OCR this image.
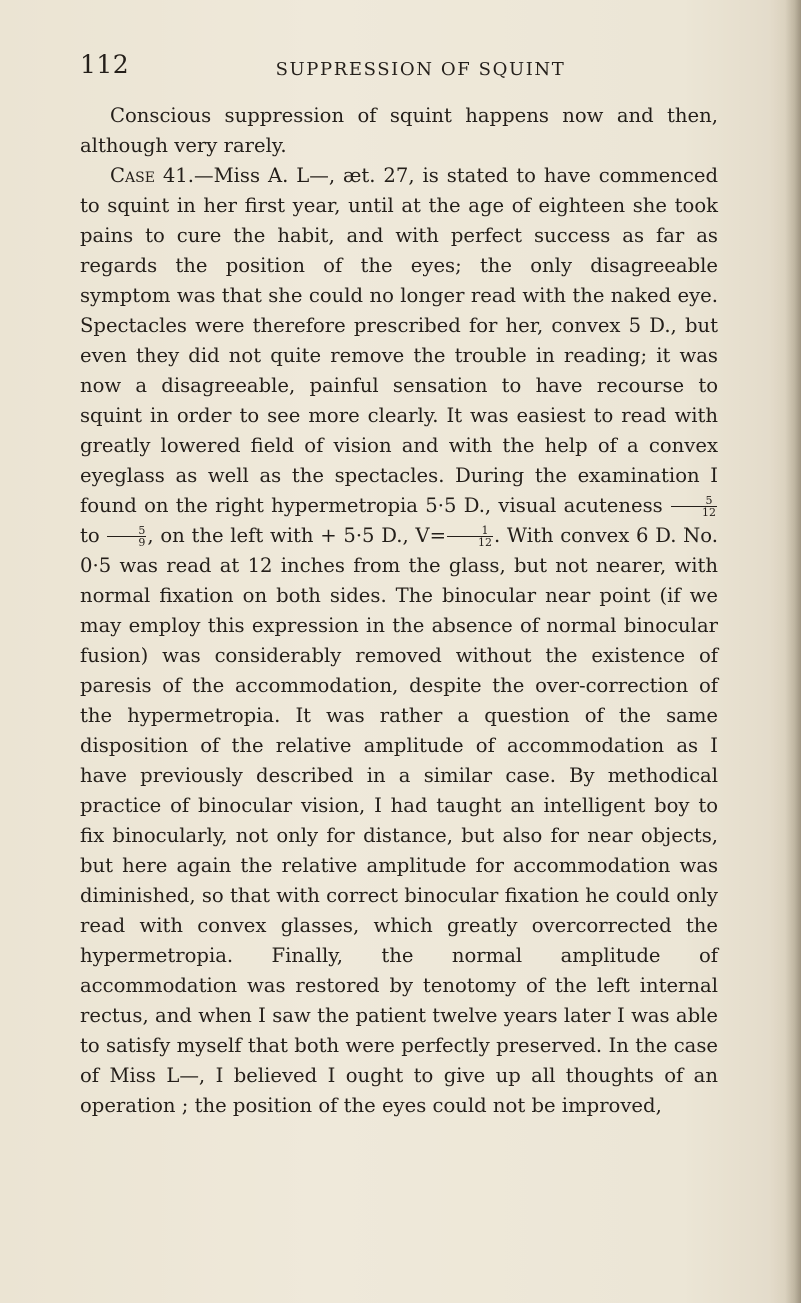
112	SUPPRESSION OF SQUINT

Conscious suppression of squint happens now and then, although very rarely.

Case 41.—Miss A. L—, æt. 27, is stated to have commenced to squint in her first year, until at the age of eighteen she took pains to cure the habit, and with perfect success as far as regards the position of the eyes; the only disagreeable symptom was that she could no longer read with the naked eye. Spectacles were therefore prescribed for her, convex 5 D., but even they did not quite remove the trouble in reading; it was now a disagreeable, painful sensation to have recourse to squint in order to see more clearly. It was easiest to read with greatly lowered field of vision and with the help of a convex eyeglass as well as the spectacles. During the examination I found on the right hypermetropia 5·5 D., visual acuteness $\frac{5}{12}$
to $\frac{5}{9}$ , on the left with + 5·5 D., $V= \frac{1}{12}$ . With convex 6 D. No. 0·5 was read at 12 inches from the glass, but not nearer, with normal fixation on both sides. The binocular near point (if we may employ this expression in the absence of normal binocular fusion) was considerably removed without the existence of paresis of the accommodation, despite the over-correction of the hypermetropia. It was rather a question of the same disposition of the relative amplitude of accommodation as I have previously described in a similar case. By methodical practice of binocular vision, I had taught an intelligent boy to fix binocularly, not only for distance, but also for near objects, but here again the relative amplitude for accommodation was diminished, so that with correct binocular fixation he could only read with convex glasses, which greatly overcorrected the hypermetropia. Finally, the normal amplitude of accommodation was restored by tenotomy of the left internal rectus, and when I saw the patient twelve years later I was able to satisfy myself that both were perfectly preserved. In the case of Miss L—, I believed I ought to give up all thoughts of an operation ; the position of the eyes could not be improved,
